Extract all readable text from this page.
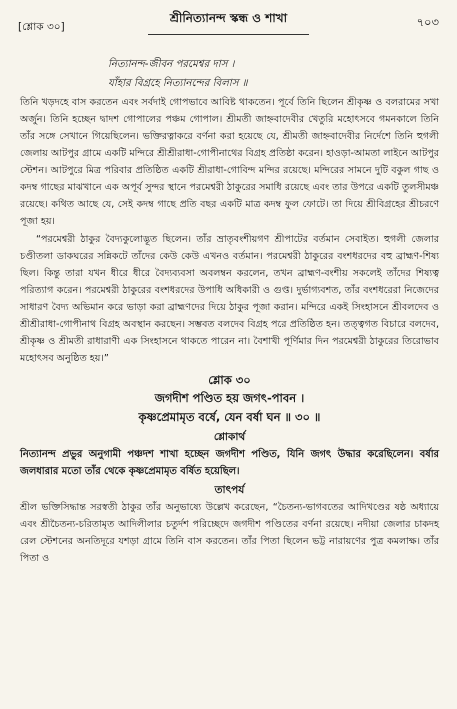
[শ্লোক ৩০]
শ্রীনিত্যানন্দ স্কন্ধ ও শাখা	৭০৩

নিত্যানন্দ-জীবন পরমেশ্বর দাস ।

যাঁহার বিগ্রহে নিত্যানন্দের বিলাস ॥

তিনি খড়দহে বাস করতেন এবং সর্বদাই গোপভাবে আবিষ্ট থাকতেন। পূর্বে তিনি ছিলেন শ্রীকৃষ্ণ ও বলরামের সখা অর্জুন। তিনি হচ্ছেন দ্বাদশ গোপালের পঞ্চম গোপাল। শ্রীমতী জাহ্নবাদেবীর খেতুরি মহোৎসবে গমনকালে তিনি তাঁর সঙ্গে সেখানে গিয়েছিলেন। ভক্তিরত্নাকরে বর্ণনা করা হয়েছে যে, শ্রীমতী জাহ্নবাদেবীর নির্দেশে তিনি হুগলী জেলায় আটপুর গ্রামে একটি মন্দিরে শ্রীশ্রীরাধা-গোপীনাথের বিগ্রহ প্রতিষ্ঠা করেন। হাওড়া-আমতা লাইনে আটপুর স্টেশন। আটপুরে মিত্র পরিবার প্রতিষ্ঠিত একটি শ্রীরাধা-গোবিন্দ মন্দির রয়েছে। মন্দিরের সামনে দুটি বকুল গাছ ও কদম্ব গাছের মাঝখানে এক অপূর্ব সুন্দর স্থানে পরমেশ্বরী ঠাকুরের সমাধি রয়েছে এবং তার উপরে একটি তুলসীমঞ্চ রয়েছে। কথিত আছে যে, সেই কদম্ব গাছে প্রতি বছর একটি মাত্র কদম্ব ফুল ফোটে। তা দিয়ে শ্রীবিগ্রহের শ্রীচরণে পূজা হয়।

“পরমেশ্বরী ঠাকুর বৈদ্যকুলোদ্ভূত ছিলেন। তাঁর ভ্রাতৃবংশীয়গণ শ্রীপাটের বর্তমান সেবাইত। হুগলী জেলার চণ্ডীতলা ডাকঘরের সন্নিকটে তাঁদের কেউ কেউ এখনও বর্তমান। পরমেশ্বরী ঠাকুরের বংশধরদের বহু ব্রাহ্মণ-শিষ্য ছিল। কিন্তু তারা যখন ধীরে ধীরে বৈদ্যব্যবসা অবলম্বন করলেন, তখন ব্রাহ্মণ-বংশীয় সকলেই তাঁদের শিষ্যত্ব পরিত্যাগ করেন। পরমেশ্বরী ঠাকুরের বংশধরদের উপাধি অধিকারী ও গুপ্ত। দুর্ভাগ্যবশত, তাঁর বংশধরেরা নিজেদের সাধারণ বৈদ্য অভিমান করে ভাড়া করা ব্রাহ্মণদের দিয়ে ঠাকুর পূজা করান। মন্দিরে একই সিংহাসনে শ্রীবলদেব ও শ্রীশ্রীরাধা-গোপীনাথ বিগ্রহ অবস্থান করছেন। সম্ভবত বলদেব বিগ্রহ পরে প্রতিষ্ঠিত হন। তত্ত্বগত বিচারে বলদেব, শ্রীকৃষ্ণ ও শ্রীমতী রাধারাণী এক সিংহাসনে থাকতে পারেন না। বৈশাখী পূর্ণিমার দিন পরমেশ্বরী ঠাকুরের তিরোভাব মহোৎসব অনুষ্ঠিত হয়।”

শ্লোক ৩০

জগদীশ পণ্ডিত হয় জগৎ-পাবন ।

কৃষ্ণপ্রেমামৃত বর্ষে, যেন বর্ষা ঘন ॥ ৩০ ॥

শ্লোকার্থ

নিত্যানন্দ প্রভুর অনুগামী পঞ্চদশ শাখা হচ্ছেন জগদীশ পণ্ডিত, যিনি জগৎ উদ্ধার করেছিলেন। বর্ষার জলধারার মতো তাঁর থেকে কৃষ্ণপ্রেমামৃত বর্ষিত হয়েছিল।

তাৎপর্য

শ্রীল ভক্তিসিদ্ধান্ত সরস্বতী ঠাকুর তাঁর অনুভাষ্যে উল্লেখ করেছেন, “চৈতন্য-ভাগবতের আদিখণ্ডের ষষ্ঠ অধ্যায়ে এবং শ্রীচৈতন্য-চরিতামৃত আদিলীলার চতুর্দশ পরিচ্ছেদে জগদীশ পণ্ডিতের বর্ণনা রয়েছে। নদীয়া জেলার চাকদহ রেল স্টেশনের অনতিদূরে যশড়া গ্রামে তিনি বাস করতেন। তাঁর পিতা ছিলেন ভট্ট নারায়ণের পুত্র কমলাক্ষ। তাঁর পিতা ও
